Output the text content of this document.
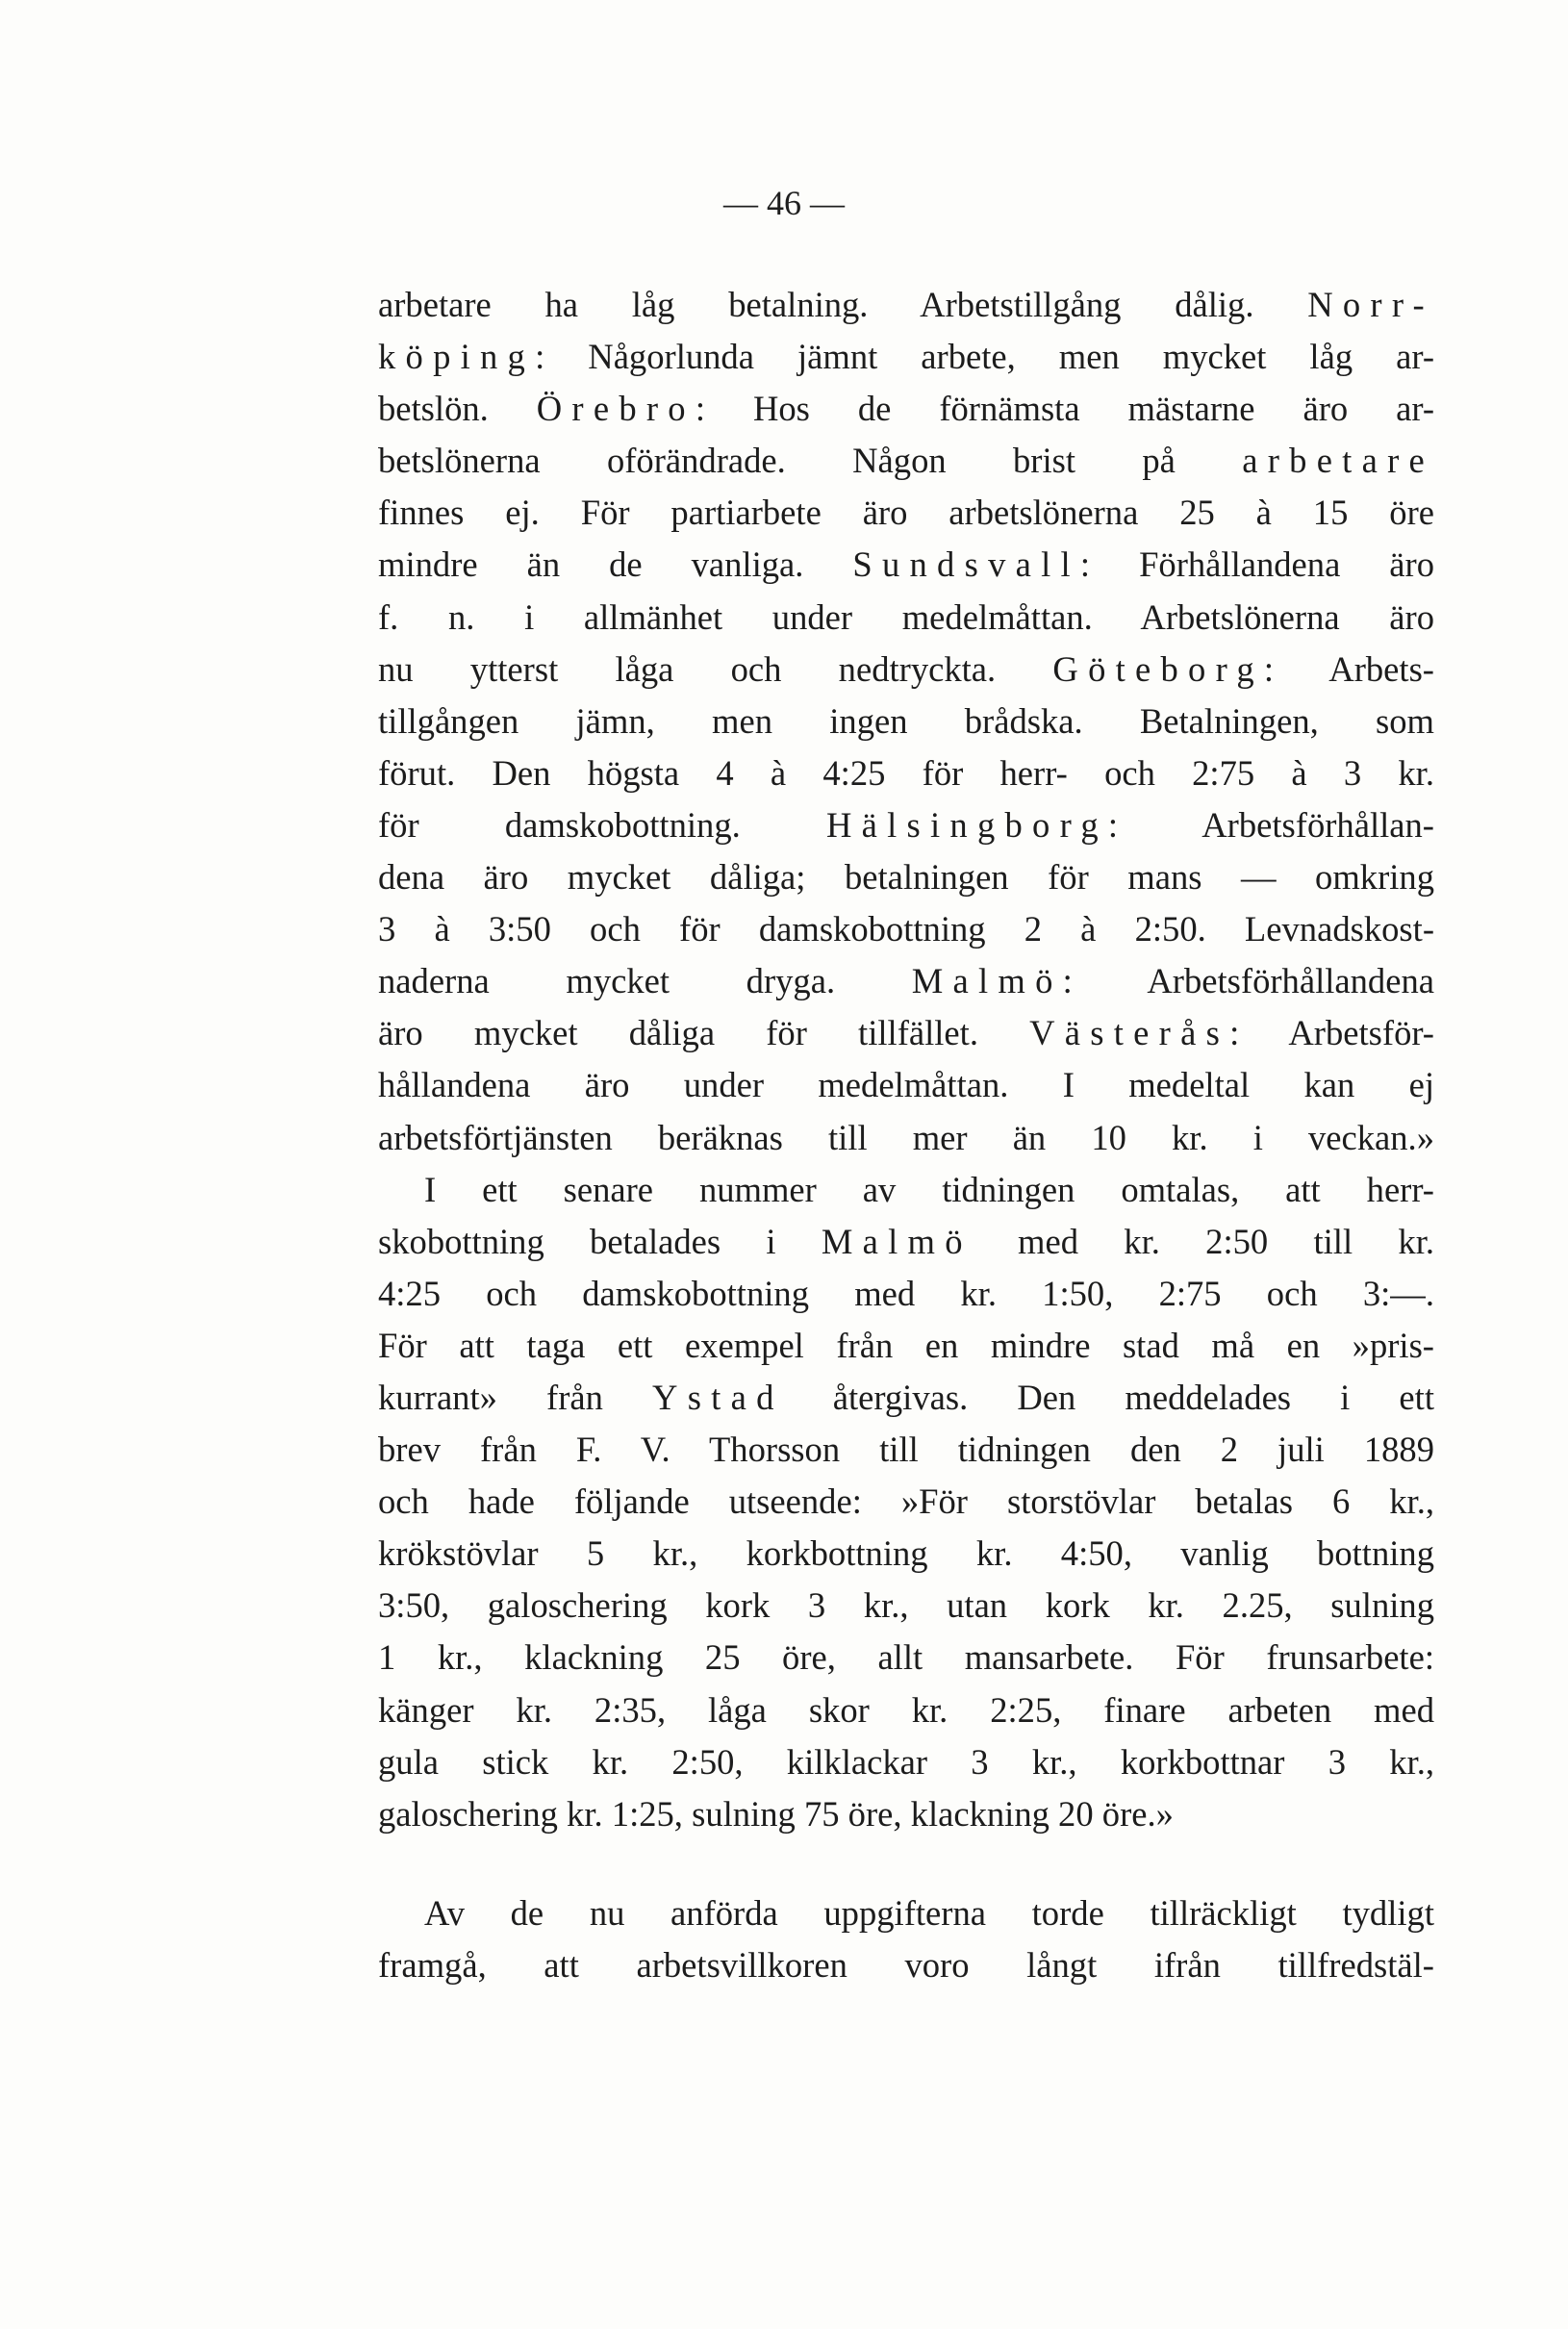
— 46 —
arbetare ha låg betalning. Arbetstillgång dålig. Norr-
köping: Någorlunda jämnt arbete, men mycket låg ar-
betslön. Örebro: Hos de förnämsta mästarne äro ar-
betslönerna oförändrade. Någon brist på arbetare
finnes ej. För partiarbete äro arbetslönerna 25 à 15 öre
mindre än de vanliga. Sundsvall: Förhållandena äro
f. n. i allmänhet under medelmåttan. Arbetslönerna äro
nu ytterst låga och nedtryckta. Göteborg: Arbets-
tillgången jämn, men ingen brådska. Betalningen, som
förut. Den högsta 4 à 4:25 för herr- och 2:75 à 3 kr.
för damskobottning. Hälsingborg: Arbetsförhållan-
dena äro mycket dåliga; betalningen för mans — omkring
3 à 3:50 och för damskobottning 2 à 2:50. Levnadskost-
naderna mycket dryga. Malmö: Arbetsförhållandena
äro mycket dåliga för tillfället. Västerås: Arbetsför-
hållandena äro under medelmåttan. I medeltal kan ej
arbetsförtjänsten beräknas till mer än 10 kr. i veckan.»
I ett senare nummer av tidningen omtalas, att herr-
skobottning betalades i Malmö med kr. 2:50 till kr.
4:25 och damskobottning med kr. 1:50, 2:75 och 3:—.
För att taga ett exempel från en mindre stad må en »pris-
kurrant» från Ystad återgivas. Den meddelades i ett
brev från F. V. Thorsson till tidningen den 2 juli 1889
och hade följande utseende: »För storstövlar betalas 6 kr.,
krökstövlar 5 kr., korkbottning kr. 4:50, vanlig bottning
3:50, galoschering kork 3 kr., utan kork kr. 2.25, sulning
1 kr., klackning 25 öre, allt mansarbete. För frunsarbete:
känger kr. 2:35, låga skor kr. 2:25, finare arbeten med
gula stick kr. 2:50, kilklackar 3 kr., korkbottnar 3 kr.,
galoschering kr. 1:25, sulning 75 öre, klackning 20 öre.»
Av de nu anförda uppgifterna torde tillräckligt tydligt
framgå, att arbetsvillkoren voro långt ifrån tillfredstäl-
